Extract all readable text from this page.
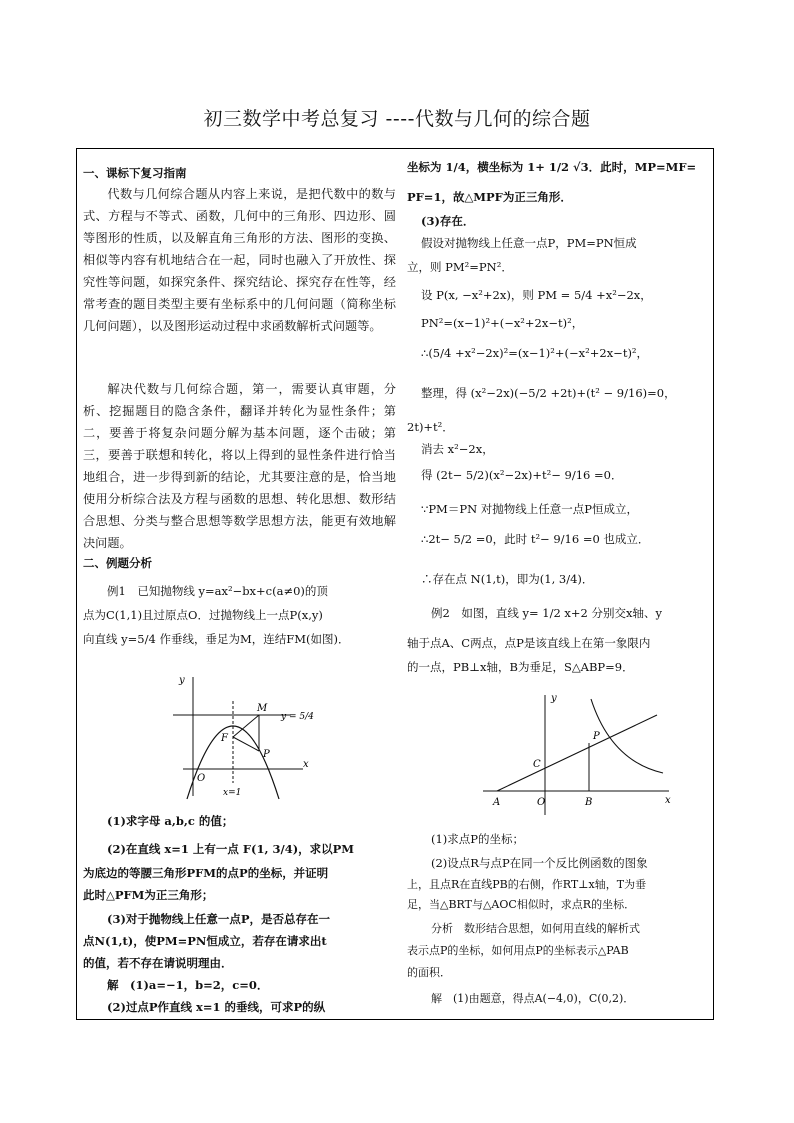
初三数学中考总复习 ----代数与几何的综合题
一、课标下复习指南

代数与几何综合题从内容上来说，是把代数中的数与式、方程与不等式、函数，几何中的三角形、四边形、圆等图形的性质，以及解直角三角形的方法、图形的变换、相似等内容有机地结合在一起，同时也融入了开放性、探究性等问题，如探究条件、探究结论、探究存在性等，经常考查的题目类型主要有坐标系中的几何问题（简称坐标几何问题），以及图形运动过程中求函数解析式问题等。

解决代数与几何综合题，第一，需要认真审题，分析、挖掘题目的隐含条件，翻译并转化为显性条件；第二，要善于将复杂问题分解为基本问题，逐个击破；第三，要善于联想和转化，将以上得到的显性条件进行恰当地组合，进一步得到新的结论，尤其要注意的是，恰当地使用分析综合法及方程与函数的思想、转化思想、数形结合思想、分类与整合思想等数学思想方法，能更有效地解决问题。

二、例题分析
例1　已知抛物线 y=ax²−bx+c(a≠0)的顶
点为C(1,1)且过原点O．过抛物线上一点P(x,y)
向直线 y=5/4 作垂线，垂足为M，连结FM(如图)．
y
x
O
M
F
P
y = 5/4
x=1
(1)求字母 a,b,c 的值；
(2)在直线 x=1 上有一点 F(1, 3/4)，求以PM
为底边的等腰三角形PFM的点P的坐标，并证明
此时△PFM为正三角形；
(3)对于抛物线上任意一点P，是否总存在一
点N(1,t)，使PM=PN恒成立，若存在请求出t
的值，若不存在请说明理由．
解　(1)a=−1，b=2，c=0．
(2)过点P作直线 x=1 的垂线，可求P的纵
坐标为 1/4，横坐标为 1+ 1/2 √3．此时，MP=MF=
PF=1，故△MPF为正三角形．
(3)存在．
假设对抛物线上任意一点P，PM=PN恒成
立，则 PM²=PN²．
设 P(x, −x²+2x)，则 PM = 5/4 +x²−2x，
PN²=(x−1)²+(−x²+2x−t)²，
∴(5/4 +x²−2x)²=(x−1)²+(−x²+2x−t)²，
整理，得 (x²−2x)(−5/2 +2t)+(t² − 9/16)=0，
2t)+t²．
消去 x²−2x，
得 (2t− 5/2)(x²−2x)+t²− 9/16 =0．
∵PM＝PN 对抛物线上任意一点P恒成立，
∴2t− 5/2 =0，此时 t²− 9/16 =0 也成立．
∴存在点 N(1,t)，即为(1, 3/4)．
例2　如图，直线 y= 1/2 x+2 分别交x轴、y
轴于点A、C两点，点P是该直线上在第一象限内
的一点，PB⊥x轴，B为垂足，S△ABP=9．
y
x
P
C
A	O	B
(1)求点P的坐标；
(2)设点R与点P在同一个反比例函数的图象
上，且点R在直线PB的右侧，作RT⊥x轴，T为垂
足，当△BRT与△AOC相似时，求点R的坐标．
分析　数形结合思想，如何用直线的解析式
表示点P的坐标，如何用点P的坐标表示△PAB
的面积．
解　(1)由题意，得点A(−4,0)，C(0,2)．
